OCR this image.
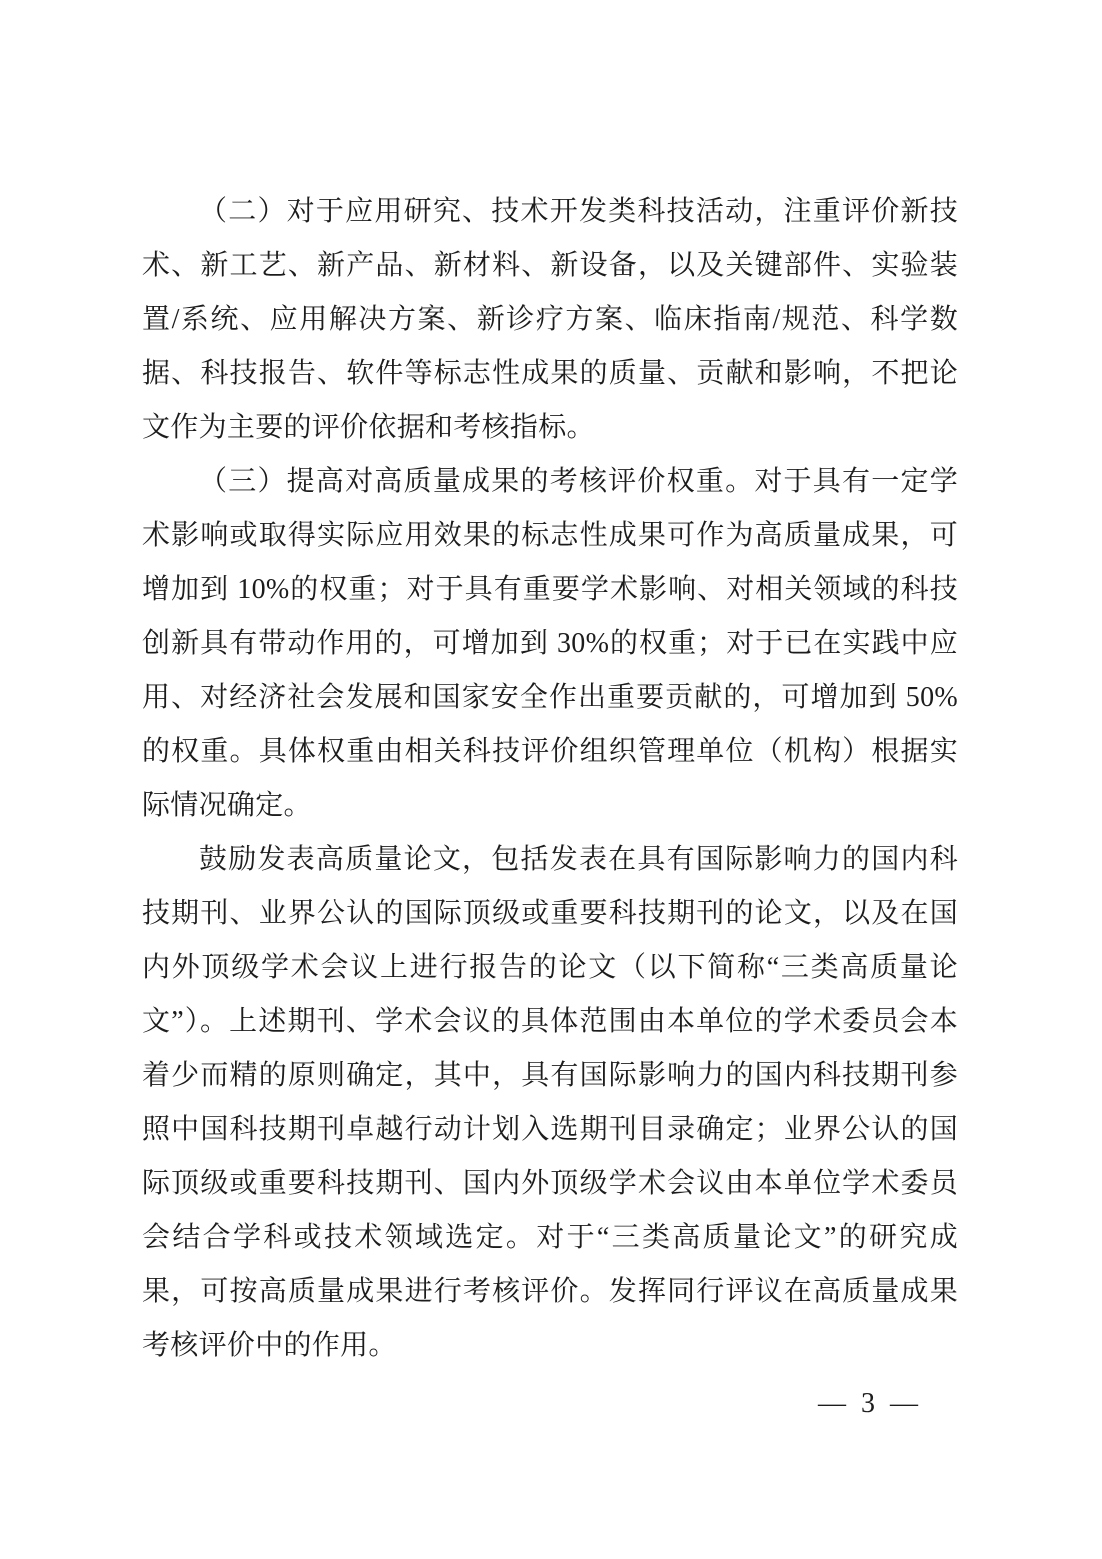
（二）对于应用研究、技术开发类科技活动，注重评价新技
术、新工艺、新产品、新材料、新设备，以及关键部件、实验装
置/系统、应用解决方案、新诊疗方案、临床指南/规范、科学数
据、科技报告、软件等标志性成果的质量、贡献和影响，不把论
文作为主要的评价依据和考核指标。
（三）提高对高质量成果的考核评价权重。对于具有一定学
术影响或取得实际应用效果的标志性成果可作为高质量成果，可
增加到 10%的权重；对于具有重要学术影响、对相关领域的科技
创新具有带动作用的，可增加到 30%的权重；对于已在实践中应
用、对经济社会发展和国家安全作出重要贡献的，可增加到 50%
的权重。具体权重由相关科技评价组织管理单位（机构）根据实
际情况确定。
鼓励发表高质量论文，包括发表在具有国际影响力的国内科
技期刊、业界公认的国际顶级或重要科技期刊的论文，以及在国
内外顶级学术会议上进行报告的论文（以下简称“三类高质量论
文”）。上述期刊、学术会议的具体范围由本单位的学术委员会本
着少而精的原则确定，其中，具有国际影响力的国内科技期刊参
照中国科技期刊卓越行动计划入选期刊目录确定；业界公认的国
际顶级或重要科技期刊、国内外顶级学术会议由本单位学术委员
会结合学科或技术领域选定。对于“三类高质量论文”的研究成
果，可按高质量成果进行考核评价。发挥同行评议在高质量成果
考核评价中的作用。
— 3 —
